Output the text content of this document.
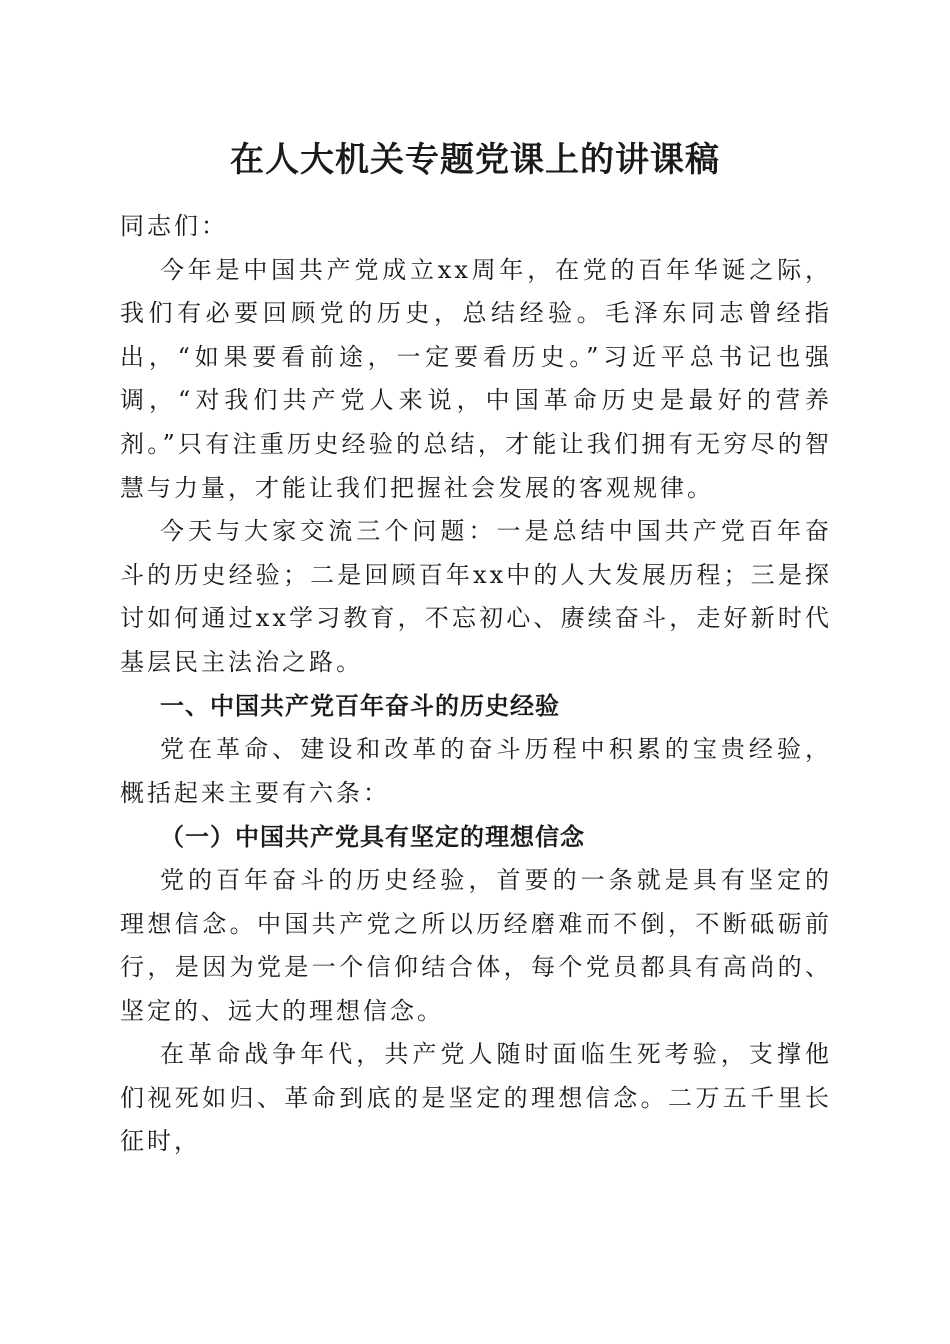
在人大机关专题党课上的讲课稿

同志们：

今年是中国共产党成立xx周年，在党的百年华诞之际，我们有必要回顾党的历史，总结经验。毛泽东同志曾经指出，“如果要看前途，一定要看历史。”习近平总书记也强调，“对我们共产党人来说，中国革命历史是最好的营养剂。”只有注重历史经验的总结，才能让我们拥有无穷尽的智慧与力量，才能让我们把握社会发展的客观规律。

今天与大家交流三个问题：一是总结中国共产党百年奋斗的历史经验；二是回顾百年xx中的人大发展历程；三是探讨如何通过xx学习教育，不忘初心、赓续奋斗，走好新时代基层民主法治之路。

一、中国共产党百年奋斗的历史经验

党在革命、建设和改革的奋斗历程中积累的宝贵经验，概括起来主要有六条：

（一）中国共产党具有坚定的理想信念

党的百年奋斗的历史经验，首要的一条就是具有坚定的理想信念。中国共产党之所以历经磨难而不倒，不断砥砺前行，是因为党是一个信仰结合体，每个党员都具有高尚的、坚定的、远大的理想信念。

在革命战争年代，共产党人随时面临生死考验，支撑他们视死如归、革命到底的是坚定的理想信念。二万五千里长征时，
